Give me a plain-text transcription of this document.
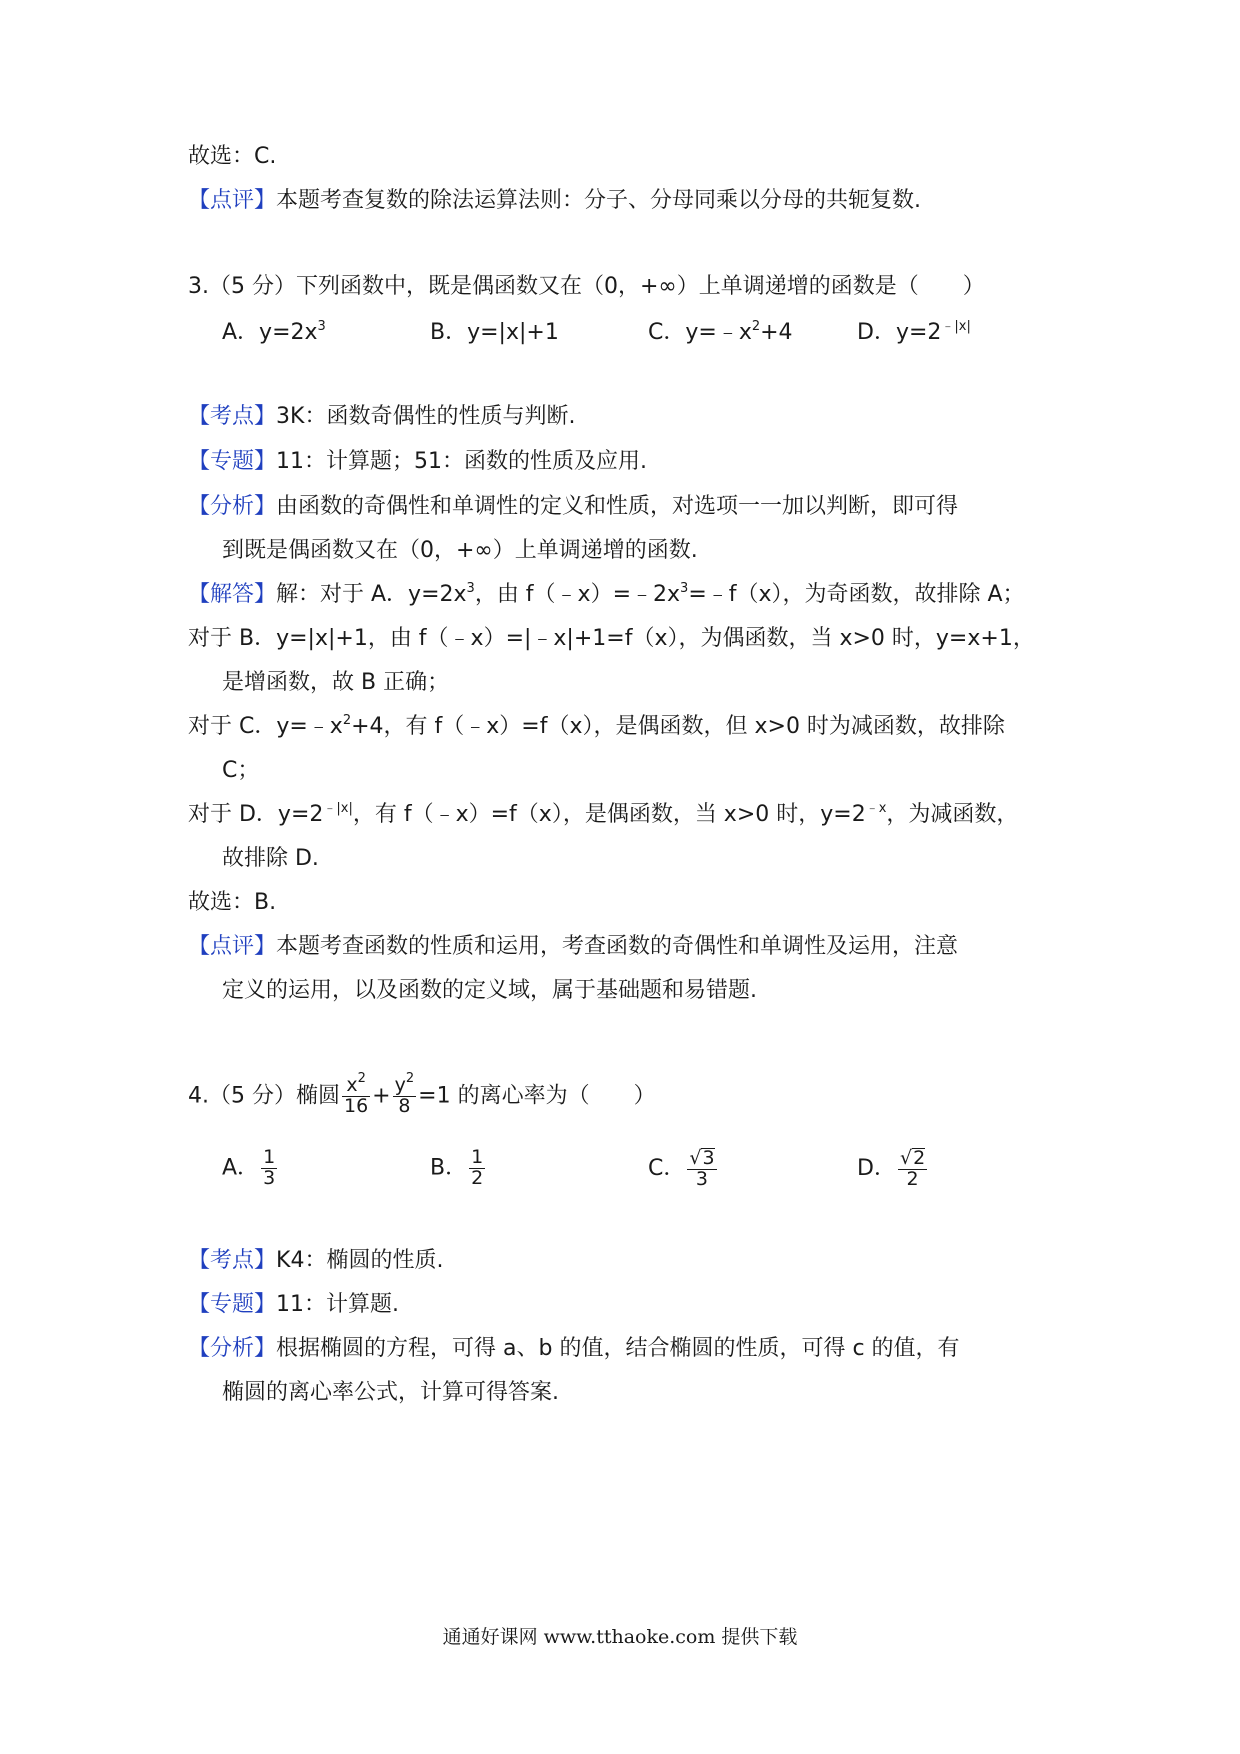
故选：C.
【点评】本题考查复数的除法运算法则：分子、分母同乘以分母的共轭复数.
3.（5 分）下列函数中，既是偶函数又在（0，+∞）上单调递增的函数是（　　）
A．$y=2x^3$	B．y=|x|+1	C．$y=﹣x^2+4$	D．$y=2^{﹣|x|}$
【考点】3K：函数奇偶性的性质与判断.
【专题】11：计算题；51：函数的性质及应用.
【分析】由函数的奇偶性和单调性的定义和性质，对选项一一加以判断，即可得
到既是偶函数又在（0，+∞）上单调递增的函数.
【解答】解：对于 A．$y=2x^3$，由 $f(﹣x)=﹣2x^3=﹣f(x)$，为奇函数，故排除 A；
对于 B．y=|x|+1，由 f（﹣x）=|﹣x|+1=f（x），为偶函数，当 x>0 时，y=x+1，
是增函数，故 B 正确；
对于 C．$y=﹣x^2+4$，有 f（﹣x）=f（x），是偶函数，但 x>0 时为减函数，故排除
C；
对于 D．$y=2^{﹣|x|}$，有 f（﹣x）=f（x），是偶函数，当 x>0 时，$y=2^{﹣x}$，为减函数，
故排除 D.
故选：B.
【点评】本题考查函数的性质和运用，考查函数的奇偶性和单调性及运用，注意
定义的运用，以及函数的定义域，属于基础题和易错题.
4.（5 分）椭圆 $\frac{x^2}{16} + \frac{y^2}{8} =1$ 的离心率为（　　）
A． $\frac{1}{3}$	B． $\frac{1}{2}$	C． $\frac{√3}{3}$	D． $\frac{√2}{2}$
【考点】K4：椭圆的性质.
【专题】11：计算题.
【分析】根据椭圆的方程，可得 a、b 的值，结合椭圆的性质，可得 c 的值，有
椭圆的离心率公式，计算可得答案.
通通好课网 www.tthaoke.com 提供下载
